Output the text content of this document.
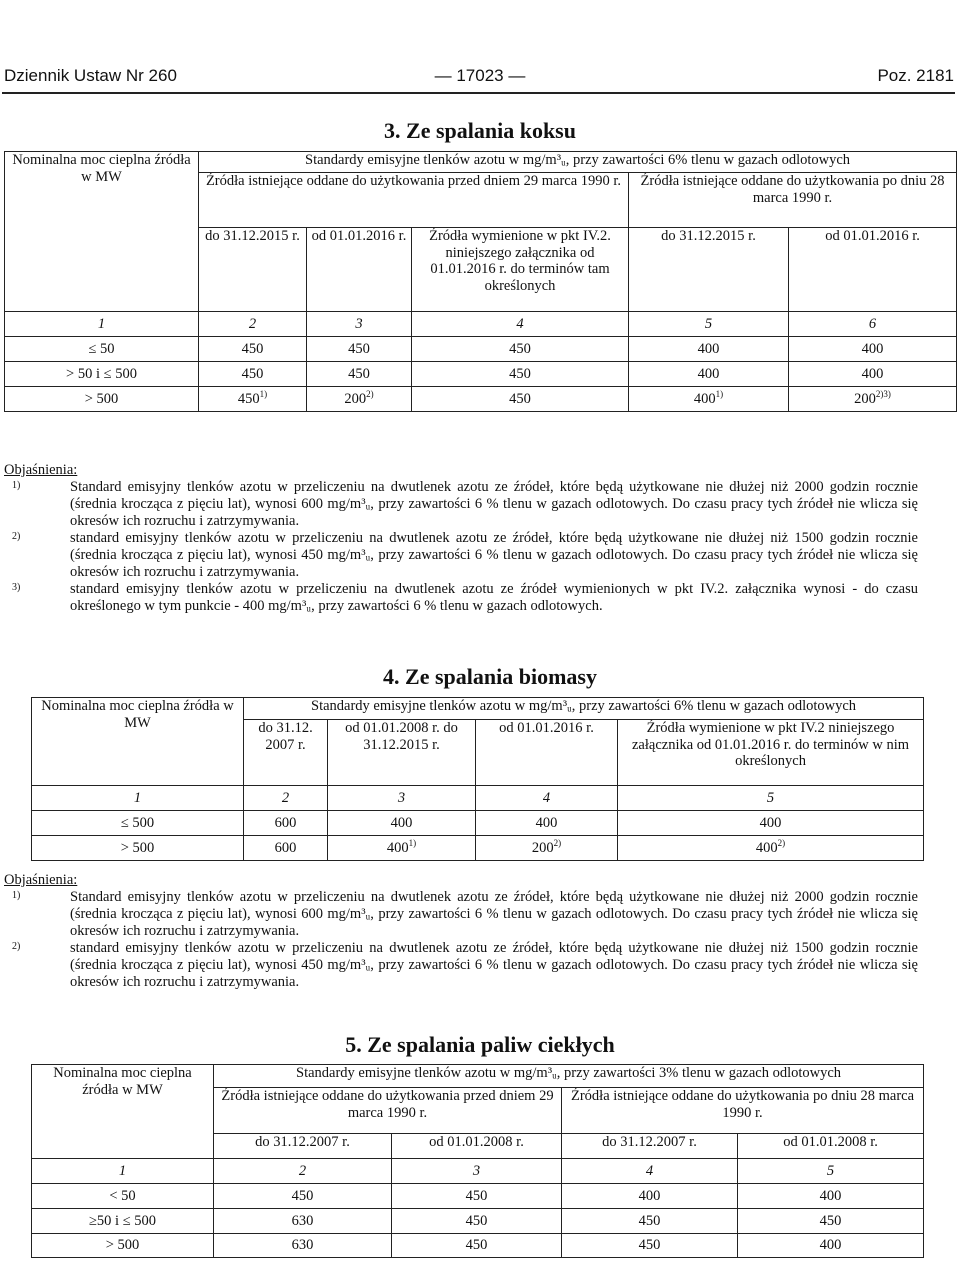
Dziennik Ustaw Nr 260	— 17023 —	Poz. 2181
3. Ze spalania koksu
Nominalna moc cieplna źródła w MW	Standardy emisyjne tlenków azotu w mg/m³ᵤ, przy zawartości 6% tlenu w gazach odlotowych				
	Źródła istniejące oddane do użytkowania przed dniem 29 marca 1990 r.			Źródła istniejące oddane do użytkowania po dniu 28 marca 1990 r.	

	do 31.12.2015 r.	od 01.01.2016 r.	Źródła wymienione w pkt IV.2. niniejszego załącznika od 01.01.2016 r. do terminów tam określonych	do 31.12.2015 r.	od 01.01.2016 r.
1	2	3	4	5	6
≤ 50	450	450	450	400	400
> 50 i ≤ 500	450	450	450	400	400
> 500	450$^{1)}$	200$^{2)}$	450	400$^{1)}$	$200^{2)3)}$
Objaśnienia:
1)	Standard emisyjny tlenków azotu w przeliczeniu na dwutlenek azotu ze źródeł, które będą użytkowane nie dłużej niż 2000 godzin rocznie (średnia krocząca z pięciu lat), wynosi 600 mg/m³ᵤ, przy zawartości 6 % tlenu w gazach odlotowych. Do czasu pracy tych źródeł nie wlicza się okresów ich rozruchu i zatrzymywania.
2)	standard emisyjny tlenków azotu w przeliczeniu na dwutlenek azotu ze źródeł, które będą użytkowane nie dłużej niż 1500 godzin rocznie (średnia krocząca z pięciu lat), wynosi 450 mg/m³ᵤ, przy zawartości 6 % tlenu w gazach odlotowych. Do czasu pracy tych źródeł nie wlicza się okresów ich rozruchu i zatrzymywania.
3)	standard emisyjny tlenków azotu w przeliczeniu na dwutlenek azotu ze źródeł wymienionych w pkt IV.2. załącznika wynosi - do czasu określonego w tym punkcie - 400 mg/m³ᵤ, przy zawartości 6 % tlenu w gazach odlotowych.
4. Ze spalania biomasy
Nominalna moc cieplna źródła w MW	Standardy emisyjne tlenków azotu w mg/m³ᵤ, przy zawartości 6% tlenu w gazach odlotowych			
	do 31.12. 2007 r.	od 01.01.2008 r. do 31.12.2015 r.	od 01.01.2016 r.	Źródła wymienione w pkt IV.2 niniejszego załącznika od 01.01.2016 r. do terminów w nim określonych
1	2	3	4	5
≤ 500	600	400	400	400
> 500	600	400$^{1)}$	200$^{2)}$	400$^{2)}$
Objaśnienia:
1)	Standard emisyjny tlenków azotu w przeliczeniu na dwutlenek azotu ze źródeł, które będą użytkowane nie dłużej niż 2000 godzin rocznie (średnia krocząca z pięciu lat), wynosi 600 mg/m³ᵤ, przy zawartości 6 % tlenu w gazach odlotowych. Do czasu pracy tych źródeł nie wlicza się okresów ich rozruchu i zatrzymywania.
2)	standard emisyjny tlenków azotu w przeliczeniu na dwutlenek azotu ze źródeł, które będą użytkowane nie dłużej niż 1500 godzin rocznie (średnia krocząca z pięciu lat), wynosi 450 mg/m³ᵤ, przy zawartości 6 % tlenu w gazach odlotowych. Do czasu pracy tych źródeł nie wlicza się okresów ich rozruchu i zatrzymywania.
5. Ze spalania paliw ciekłych
Nominalna moc cieplna źródła w MW	Standardy emisyjne tlenków azotu w mg/m³ᵤ, przy zawartości 3% tlenu w gazach odlotowych			
	Źródła istniejące oddane do użytkowania przed dniem 29 marca 1990 r.		Źródła istniejące oddane do użytkowania po dniu 28 marca 1990 r.	
	do 31.12.2007 r.	od 01.01.2008 r.	do 31.12.2007 r.	od 01.01.2008 r.
1	2	3	4	5
< 50	450	450	400	400
≥50 i ≤ 500	630	450	450	450
> 500	630	450	450	400
